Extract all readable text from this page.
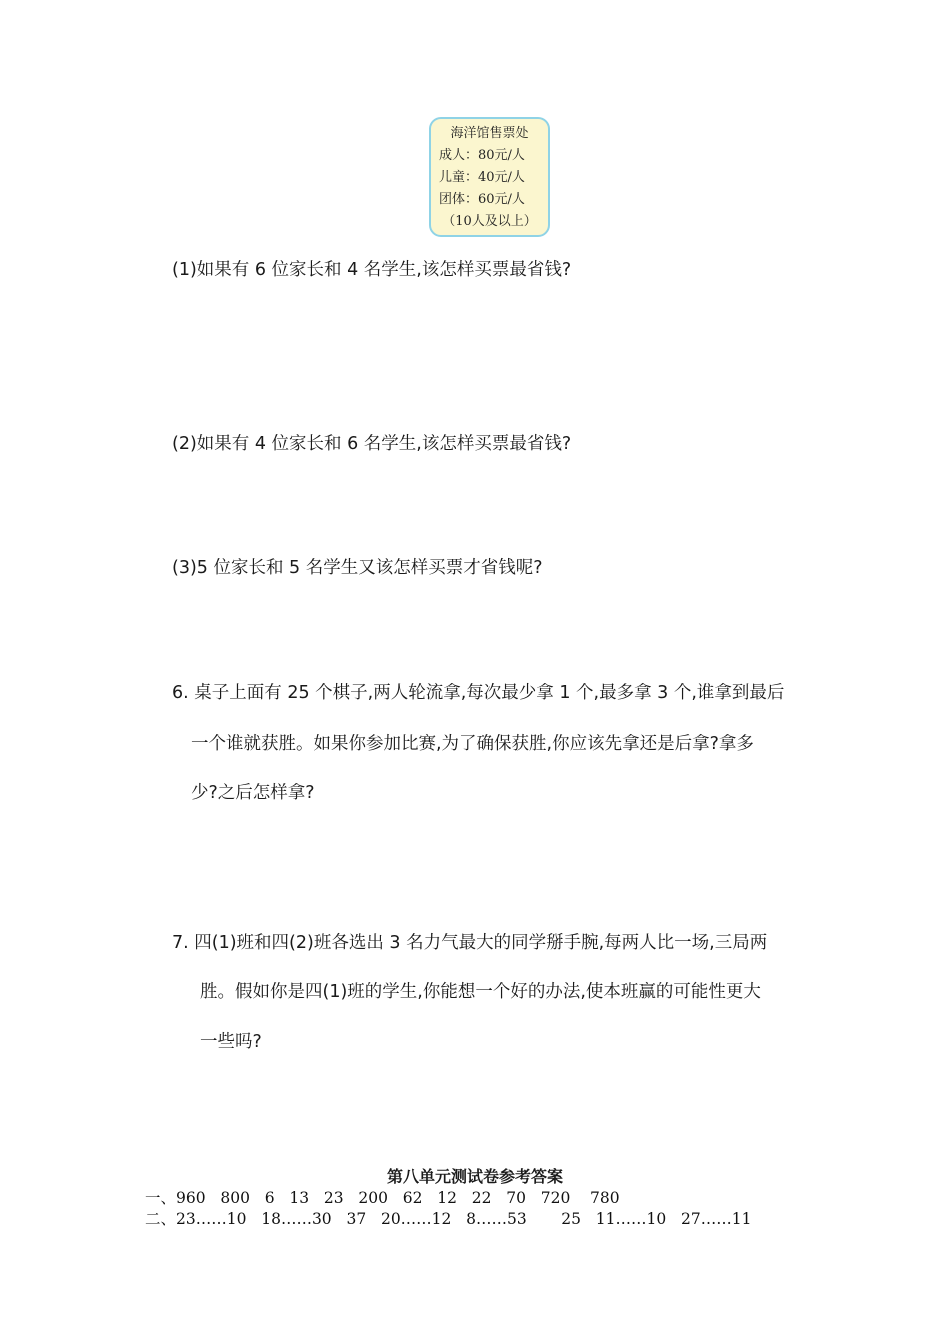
海洋馆售票处
成人：80元/人
儿童：40元/人
团体：60元/人
（10人及以上）
(1)如果有 6 位家长和 4 名学生,该怎样买票最省钱?
(2)如果有 4 位家长和 6 名学生,该怎样买票最省钱?
(3)5 位家长和 5 名学生又该怎样买票才省钱呢?
6. 桌子上面有 25 个棋子,两人轮流拿,每次最少拿 1 个,最多拿 3 个,谁拿到最后
一个谁就获胜。如果你参加比赛,为了确保获胜,你应该先拿还是后拿?拿多
少?之后怎样拿?
7. 四(1)班和四(2)班各选出 3 名力气最大的同学掰手腕,每两人比一场,三局两
胜。假如你是四(1)班的学生,你能想一个好的办法,使本班赢的可能性更大
一些吗?
第八单元测试卷参考答案
一、960   800   6   13   23   200   62   12   22   70   720    780
二、23……10   18……30   37   20……12   8……53       25   11……10   27……11
